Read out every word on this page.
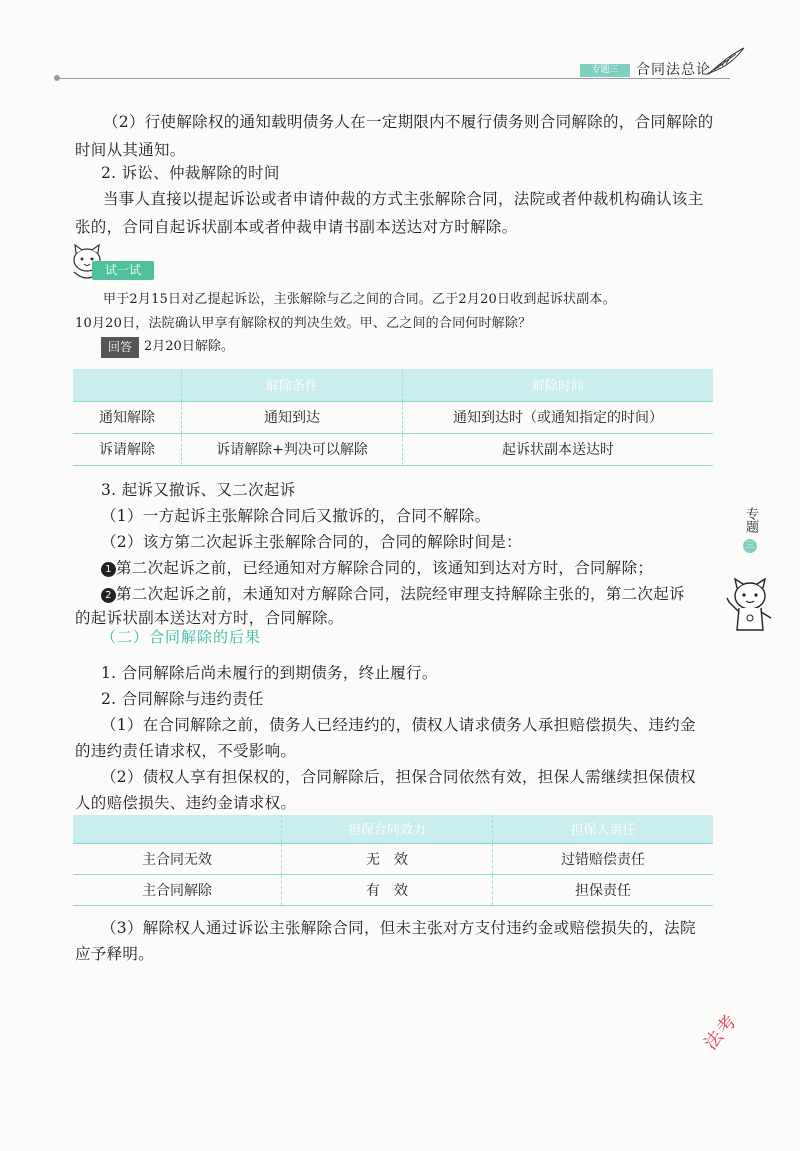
专题三	合同法总论

（2）行使解除权的通知载明债务人在一定期限内不履行债务则合同解除的，合同解除的时间从其通知。

2. 诉讼、仲裁解除的时间

当事人直接以提起诉讼或者申请仲裁的方式主张解除合同，法院或者仲裁机构确认该主张的，合同自起诉状副本或者仲裁申请书副本送达对方时解除。

试一试
甲于2月15日对乙提起诉讼，主张解除与乙之间的合同。乙于2月20日收到起诉状副本。
10月20日，法院确认甲享有解除权的判决生效。甲、乙之间的合同何时解除？
回答 2月20日解除。
	解除条件	解除时间
通知解除	通知到达	通知到达时（或通知指定的时间）
诉请解除	诉请解除+判决可以解除	起诉状副本送达时
3. 起诉又撤诉、又二次起诉
（1）一方起诉主张解除合同后又撤诉的，合同不解除。
（2）该方第二次起诉主张解除合同的，合同的解除时间是：
1 第二次起诉之前，已经通知对方解除合同的，该通知到达对方时，合同解除；
2 第二次起诉之前，未通知对方解除合同，法院经审理支持解除主张的，第二次起诉
的起诉状副本送达对方时，合同解除。
（二）合同解除的后果
1. 合同解除后尚未履行的到期债务，终止履行。
2. 合同解除与违约责任
（1）在合同解除之前，债务人已经违约的，债权人请求债务人承担赔偿损失、违约金
的违约责任请求权，不受影响。
（2）债权人享有担保权的，合同解除后，担保合同依然有效，担保人需继续担保债权
人的赔偿损失、违约金请求权。
	担保合同效力	担保人责任
主合同无效	无　效	过错赔偿责任
主合同解除	有　效	担保责任
（3）解除权人通过诉讼主张解除合同，但未主张对方支付违约金或赔偿损失的，法院
应予释明。
专题
三
法考
